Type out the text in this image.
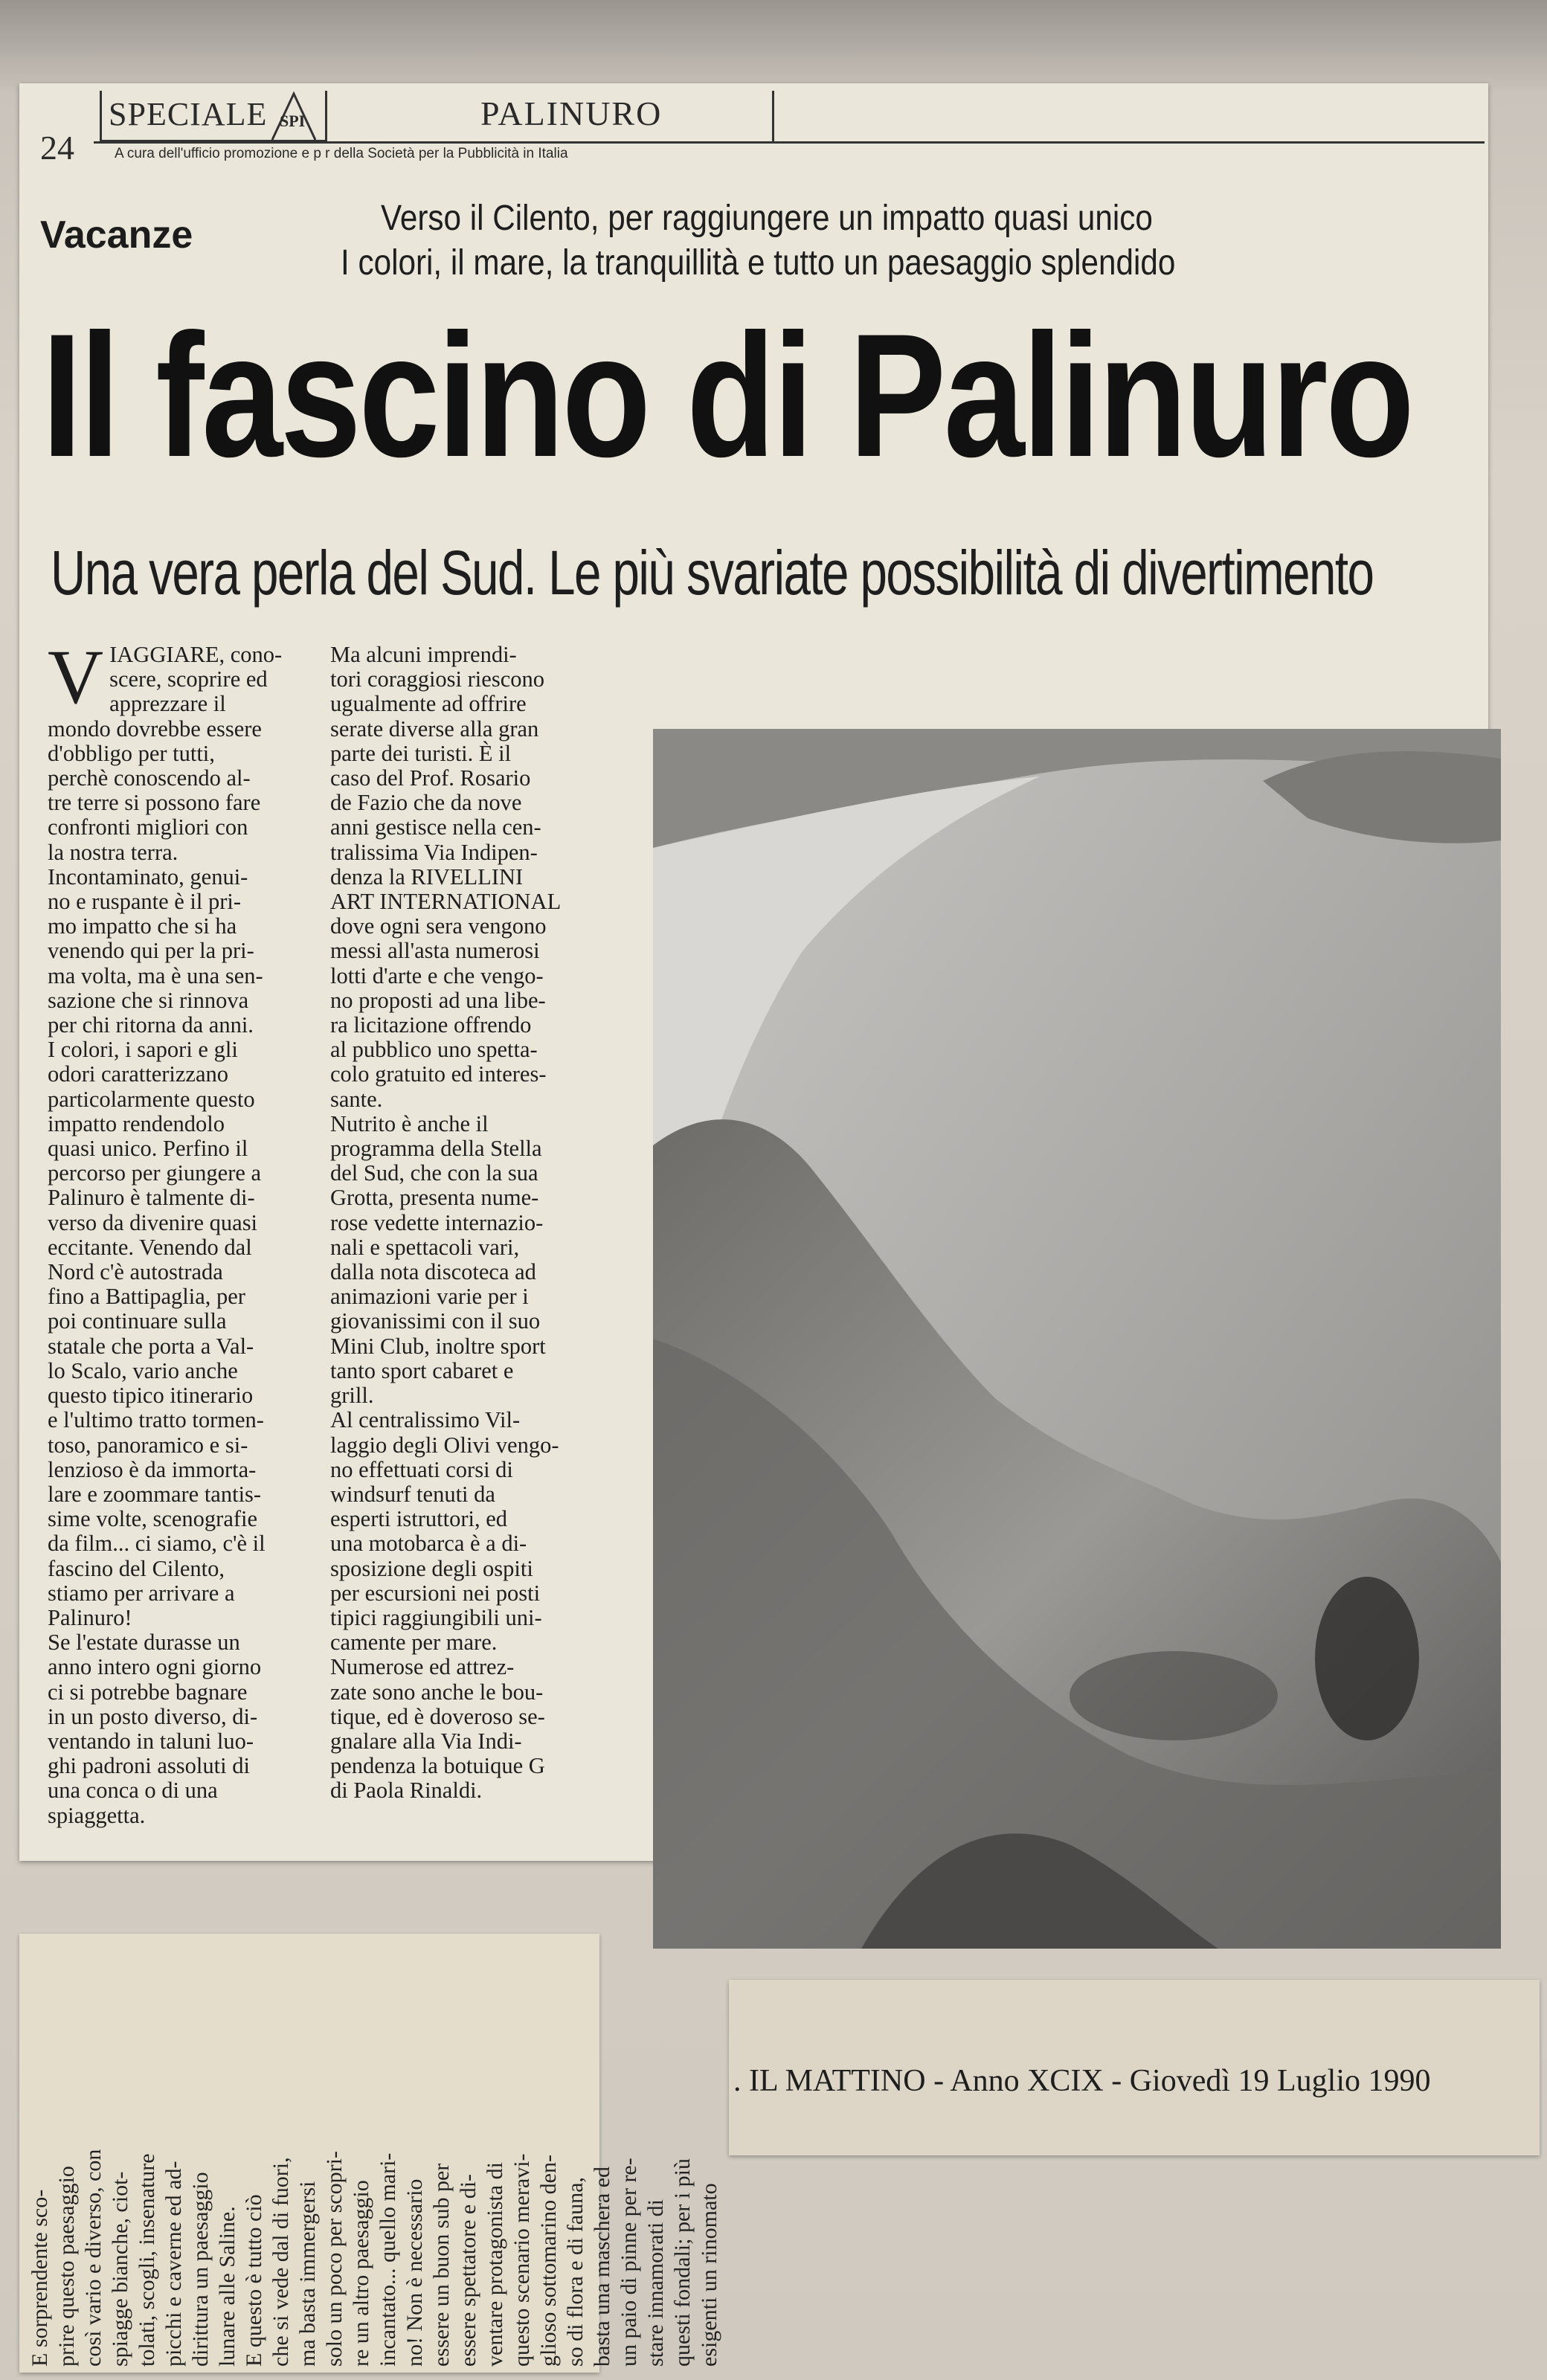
24
SPECIALE SPI	PALINURO
A cura dell'ufficio promozione e p r della Società per la Pubblicità in Italia
Vacanze	Verso il Cilento, per raggiungere un impatto quasi unico
I colori, il mare, la tranquillità e tutto un paesaggio splendido
Il fascino di Palinuro
Una vera perla del Sud. Le più svariate possibilità di divertimento
V IAGGIARE, cono-
scere, scoprire ed
apprezzare il
mondo dovrebbe essere
d'obbligo per tutti,
perchè conoscendo al-
tre terre si possono fare
confronti migliori con
la nostra terra.
Incontaminato, genui-
no e ruspante è il pri-
mo impatto che si ha
venendo qui per la pri-
ma volta, ma è una sen-
sazione che si rinnova
per chi ritorna da anni.
I colori, i sapori e gli
odori caratterizzano
particolarmente questo
impatto rendendolo
quasi unico. Perfino il
percorso per giungere a
Palinuro è talmente di-
verso da divenire quasi
eccitante. Venendo dal
Nord c'è autostrada
fino a Battipaglia, per
poi continuare sulla
statale che porta a Val-
lo Scalo, vario anche
questo tipico itinerario
e l'ultimo tratto tormen-
toso, panoramico e si-
lenzioso è da immorta-
lare e zoommare tantis-
sime volte, scenografie
da film... ci siamo, c'è il
fascino del Cilento,
stiamo per arrivare a
Palinuro!
Se l'estate durasse un
anno intero ogni giorno
ci si potrebbe bagnare
in un posto diverso, di-
ventando in taluni luo-
ghi padroni assoluti di
una conca o di una
spiaggetta.
Ma alcuni imprendi-
tori coraggiosi riescono
ugualmente ad offrire
serate diverse alla gran
parte dei turisti. È il
caso del Prof. Rosario
de Fazio che da nove
anni gestisce nella cen-
tralissima Via Indipen-
denza la RIVELLINI
ART INTERNATIONAL
dove ogni sera vengono
messi all'asta numerosi
lotti d'arte e che vengo-
no proposti ad una libe-
ra licitazione offrendo
al pubblico uno spetta-
colo gratuito ed interes-
sante.
Nutrito è anche il
programma della Stella
del Sud, che con la sua
Grotta, presenta nume-
rose vedette internazio-
nali e spettacoli vari,
dalla nota discoteca ad
animazioni varie per i
giovanissimi con il suo
Mini Club, inoltre sport
tanto sport cabaret e
grill.
Al centralissimo Vil-
laggio degli Olivi vengo-
no effettuati corsi di
windsurf tenuti da
esperti istruttori, ed
una motobarca è a di-
sposizione degli ospiti
per escursioni nei posti
tipici raggiungibili uni-
camente per mare.
Numerose ed attrez-
zate sono anche le bou-
tique, ed è doveroso se-
gnalare alla Via Indi-
pendenza la botuique G
di Paola Rinaldi.
E sorprendente sco- prire questo paesaggio così vario e diverso, con spiagge bianche, ciot- tolati, scogli, insenature picchi e caverne ed ad- dirittura un paesaggio lunare alle Saline. E questo è tutto ciò che si vede dal di fuori, ma basta immergersi solo un poco per scopri- re un altro paesaggio incantato... quello mari- no! Non è necessario essere un buon sub per essere spettatore e di- ventare protagonista di questo scenario meravi- glioso sottomarino den- so di flora e di fauna, basta una maschera ed un paio di pinne per re- stare innamorati di questi fondali; per i più esigenti un rinomato
. IL MATTINO - Anno XCIX - Giovedì 19 Luglio 1990
